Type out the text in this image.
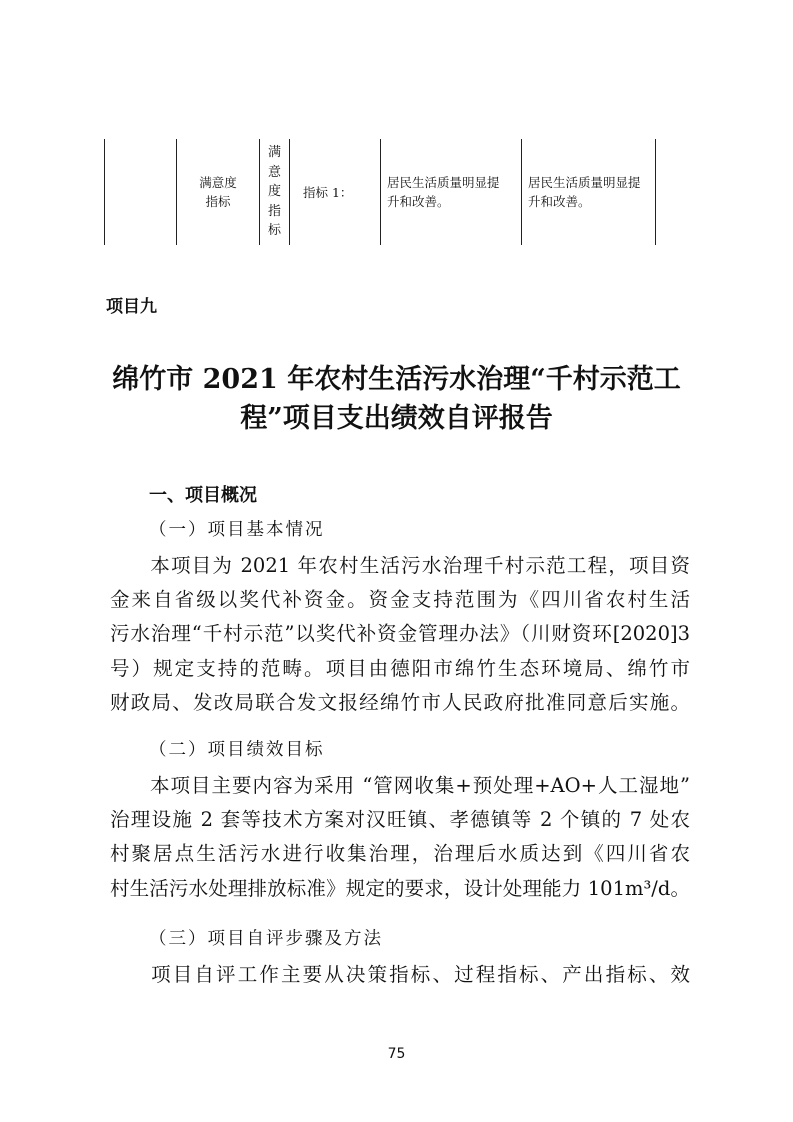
满意度
指标
满
意
度
指
标
指标 1：
居民生活质量明显提
升和改善。
居民生活质量明显提
升和改善。
项目九
绵竹市 2021 年农村生活污水治理“千村示范工
程”项目支出绩效自评报告
一、项目概况
（一）项目基本情况
本项目为 2021 年农村生活污水治理千村示范工程，项目资
金来自省级以奖代补资金。资金支持范围为《四川省农村生活
污水治理“千村示范”以奖代补资金管理办法》（川财资环[2020]3
号）规定支持的范畴。项目由德阳市绵竹生态环境局、绵竹市
财政局、发改局联合发文报经绵竹市人民政府批准同意后实施。
（二）项目绩效目标
本项目主要内容为采用 “管网收集+预处理+AO+人工湿地”
治理设施 2 套等技术方案对汉旺镇、孝德镇等 2 个镇的 7 处农
村聚居点生活污水进行收集治理，治理后水质达到《四川省农
村生活污水处理排放标准》规定的要求，设计处理能力 101m³/d。
（三）项目自评步骤及方法
项目自评工作主要从决策指标、过程指标、产出指标、效
75
